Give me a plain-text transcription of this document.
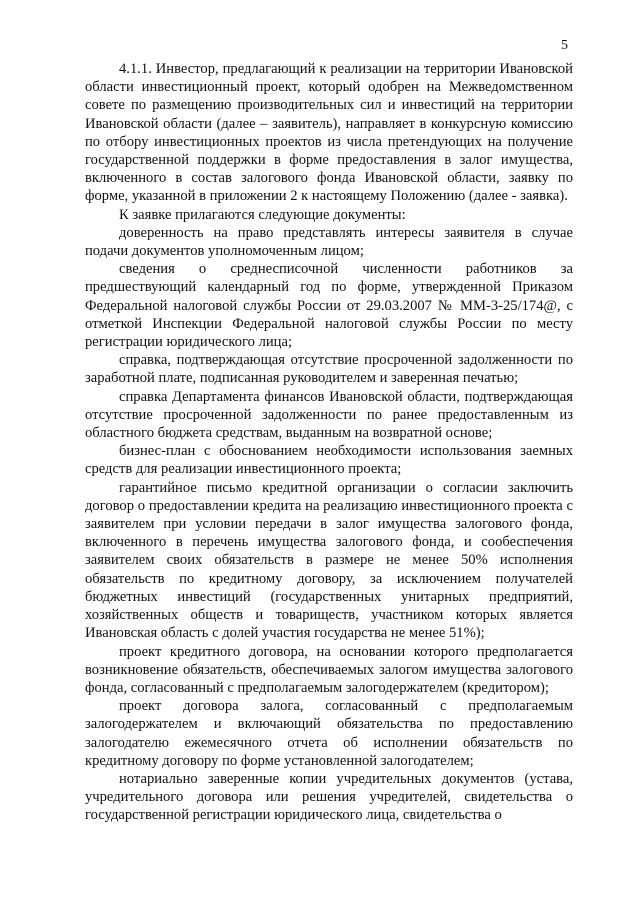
5

4.1.1. Инвестор, предлагающий к реализации на территории Ивановской области инвестиционный проект, который одобрен на Межведомственном совете по размещению производительных сил и инвестиций на территории Ивановской области (далее – заявитель), направляет в конкурсную комиссию по отбору инвестиционных проектов из числа претендующих на получение государственной поддержки в форме предоставления в залог имущества, включенного в состав залогового фонда Ивановской области, заявку по форме, указанной в приложении 2 к настоящему Положению (далее - заявка).

К заявке прилагаются следующие документы:

доверенность на право представлять интересы заявителя в случае подачи документов уполномоченным лицом;

сведения о среднесписочной численности работников за предшествующий календарный год по форме, утвержденной Приказом Федеральной налоговой службы России от 29.03.2007 № ММ-3-25/174@, с отметкой Инспекции Федеральной налоговой службы России по месту регистрации юридического лица;

справка, подтверждающая отсутствие просроченной задолженности по заработной плате, подписанная руководителем и заверенная печатью;

справка Департамента финансов Ивановской области, подтверждающая отсутствие просроченной задолженности по ранее предоставленным из областного бюджета средствам, выданным на возвратной основе;

бизнес-план с обоснованием необходимости использования заемных средств для реализации инвестиционного проекта;

гарантийное письмо кредитной организации о согласии заключить договор о предоставлении кредита на реализацию инвестиционного проекта с заявителем при условии передачи в залог имущества залогового фонда, включенного в перечень имущества залогового фонда, и сообеспечения заявителем своих обязательств в размере не менее 50% исполнения обязательств по кредитному договору, за исключением получателей бюджетных инвестиций (государственных унитарных предприятий, хозяйственных обществ и товариществ, участником которых является Ивановская область с долей участия государства не менее 51%);

проект кредитного договора, на основании которого предполагается возникновение обязательств, обеспечиваемых залогом имущества залогового фонда, согласованный с предполагаемым залогодержателем (кредитором);

проект договора залога, согласованный с предполагаемым залогодержателем и включающий обязательства по предоставлению залогодателю ежемесячного отчета об исполнении обязательств по кредитному договору по форме установленной залогодателем;

нотариально заверенные копии учредительных документов (устава, учредительного договора или решения учредителей, свидетельства о государственной регистрации юридического лица, свидетельства о
